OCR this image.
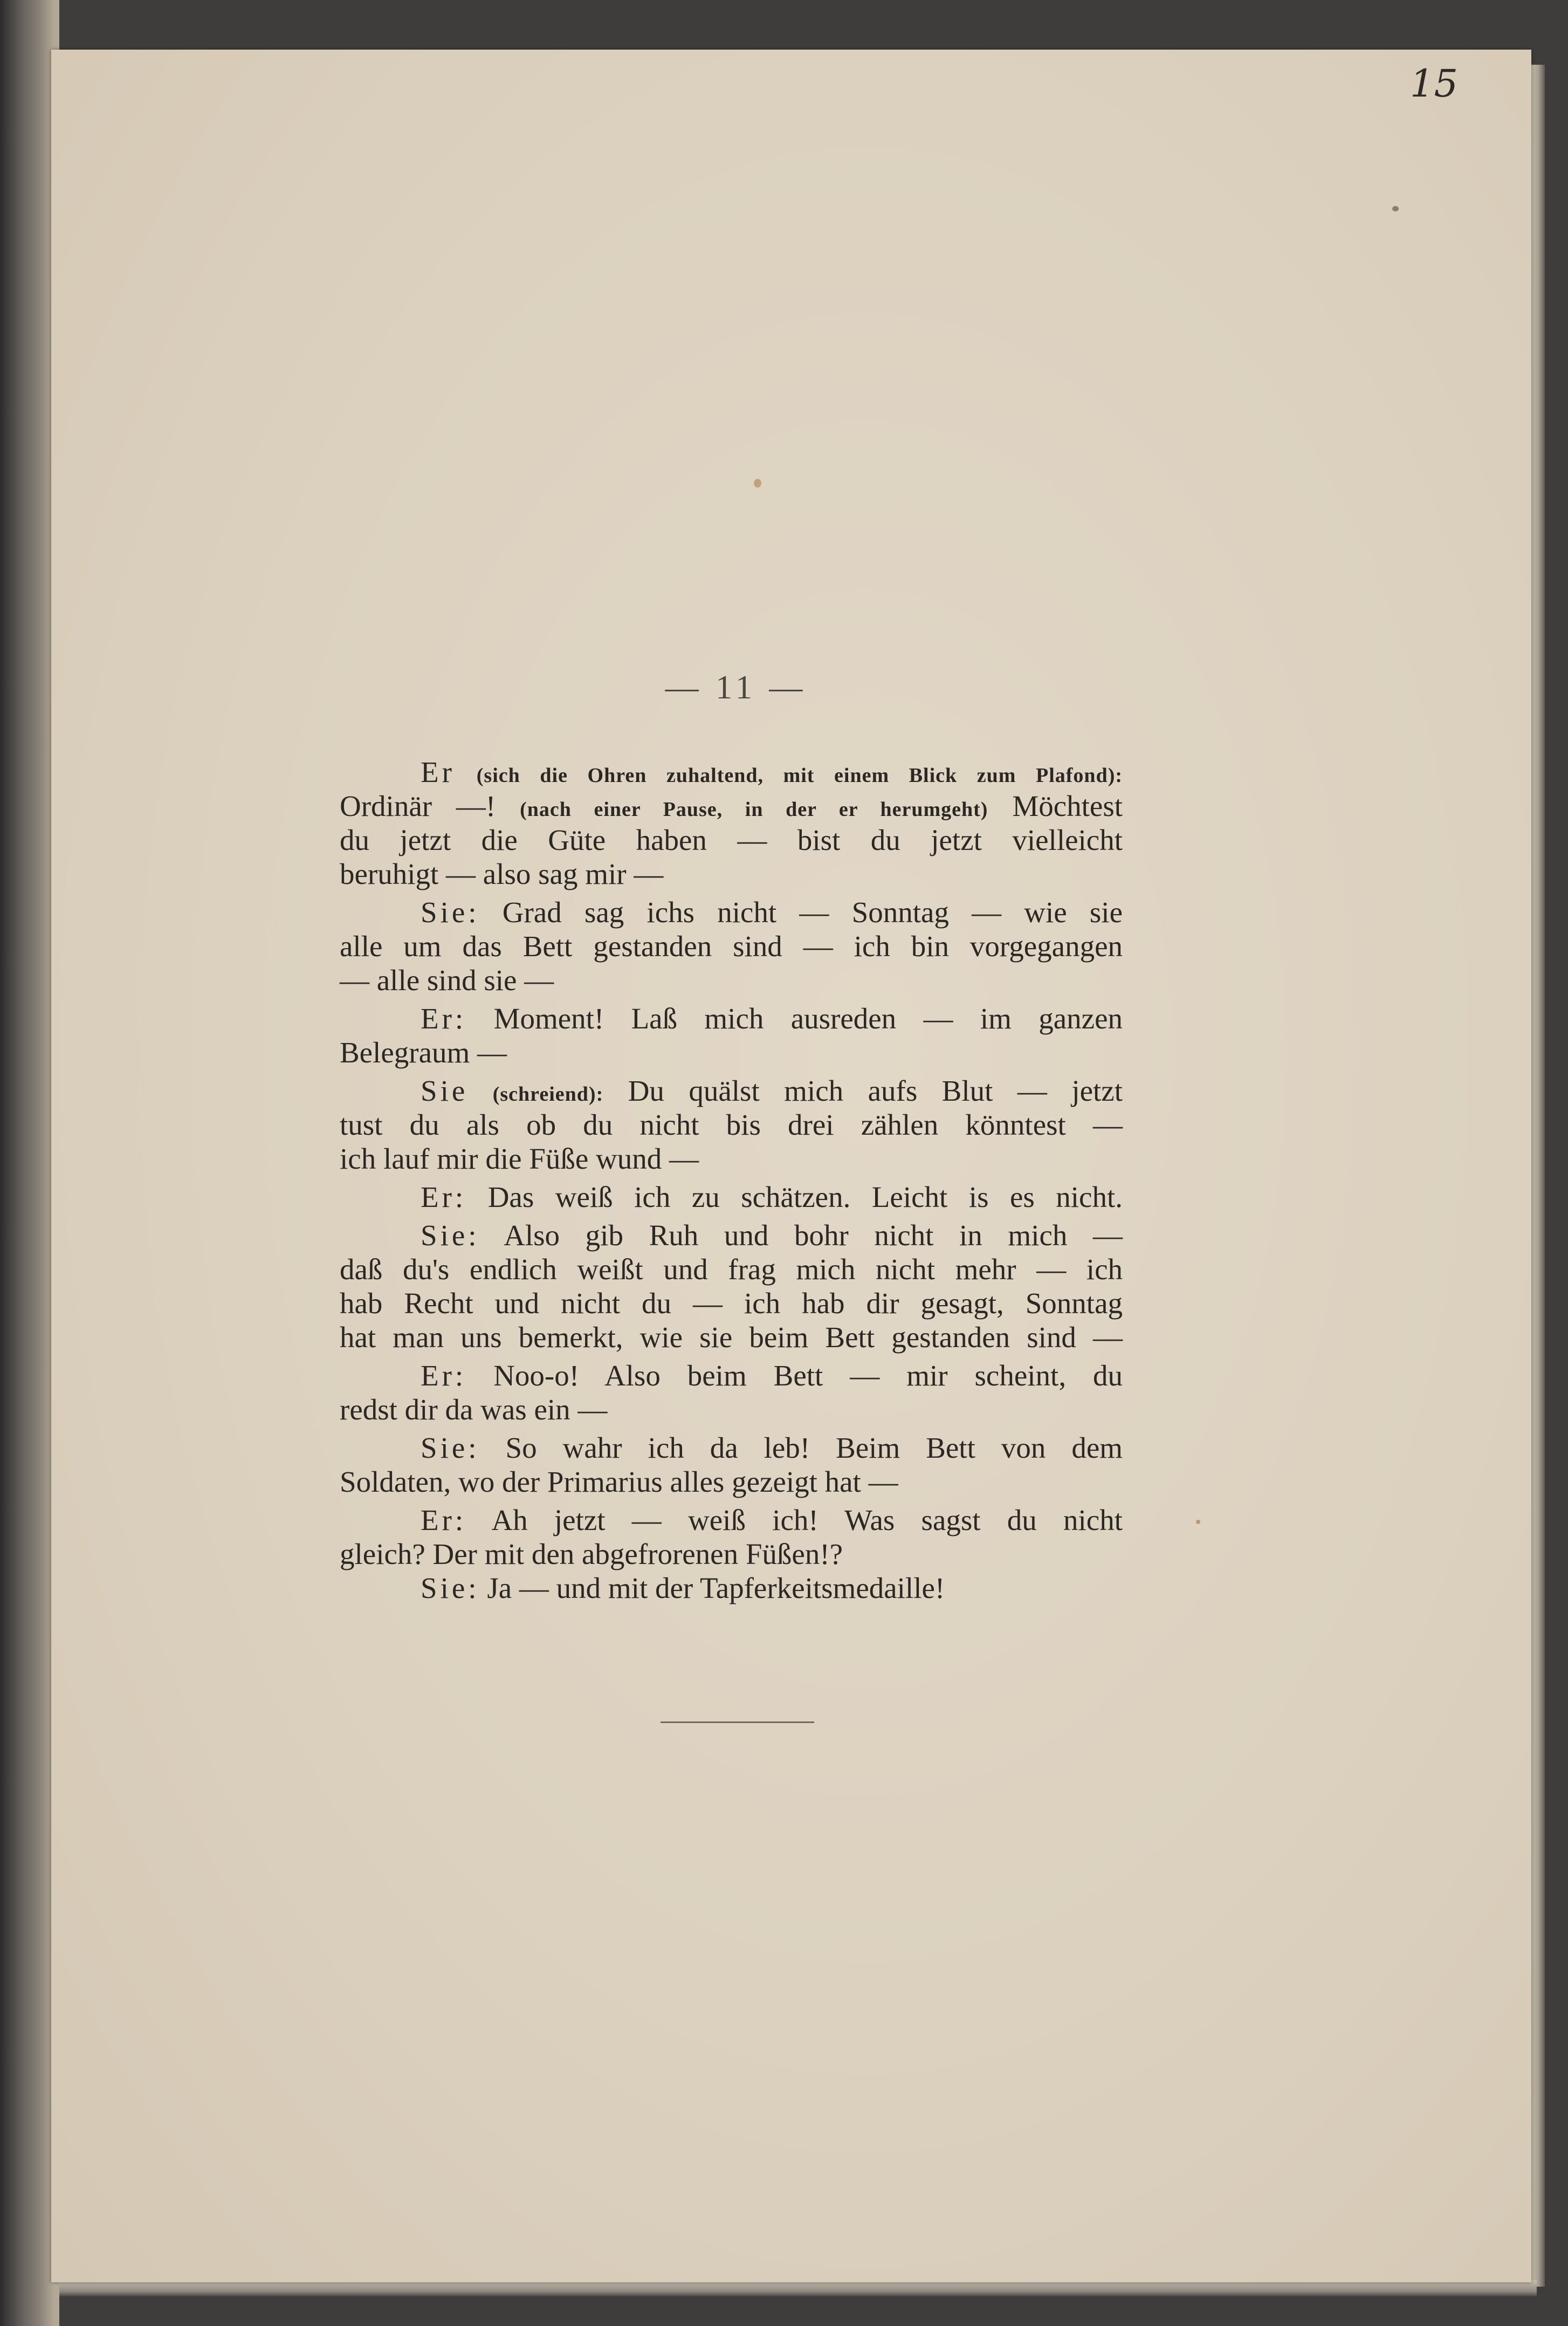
15
— 11 —
Er (sich die Ohren zuhaltend, mit einem Blick zum Plafond):
Ordinär —! (nach einer Pause, in der er herumgeht) Möchtest
du jetzt die Güte haben — bist du jetzt vielleicht
beruhigt — also sag mir —
Sie: Grad sag ichs nicht — Sonntag — wie sie
alle um das Bett gestanden sind — ich bin vorgegangen
— alle sind sie —
Er: Moment! Laß mich ausreden — im ganzen
Belegraum —
Sie (schreiend): Du quälst mich aufs Blut — jetzt
tust du als ob du nicht bis drei zählen könntest —
ich lauf mir die Füße wund —
Er: Das weiß ich zu schätzen. Leicht is es nicht.
Sie: Also gib Ruh und bohr nicht in mich —
daß du's endlich weißt und frag mich nicht mehr — ich
hab Recht und nicht du — ich hab dir gesagt, Sonntag
hat man uns bemerkt, wie sie beim Bett gestanden sind —
Er: Noo-o! Also beim Bett — mir scheint, du
redst dir da was ein —
Sie: So wahr ich da leb! Beim Bett von dem
Soldaten, wo der Primarius alles gezeigt hat —
Er: Ah jetzt — weiß ich! Was sagst du nicht
gleich? Der mit den abgefrorenen Füßen!?
Sie: Ja — und mit der Tapferkeitsmedaille!
